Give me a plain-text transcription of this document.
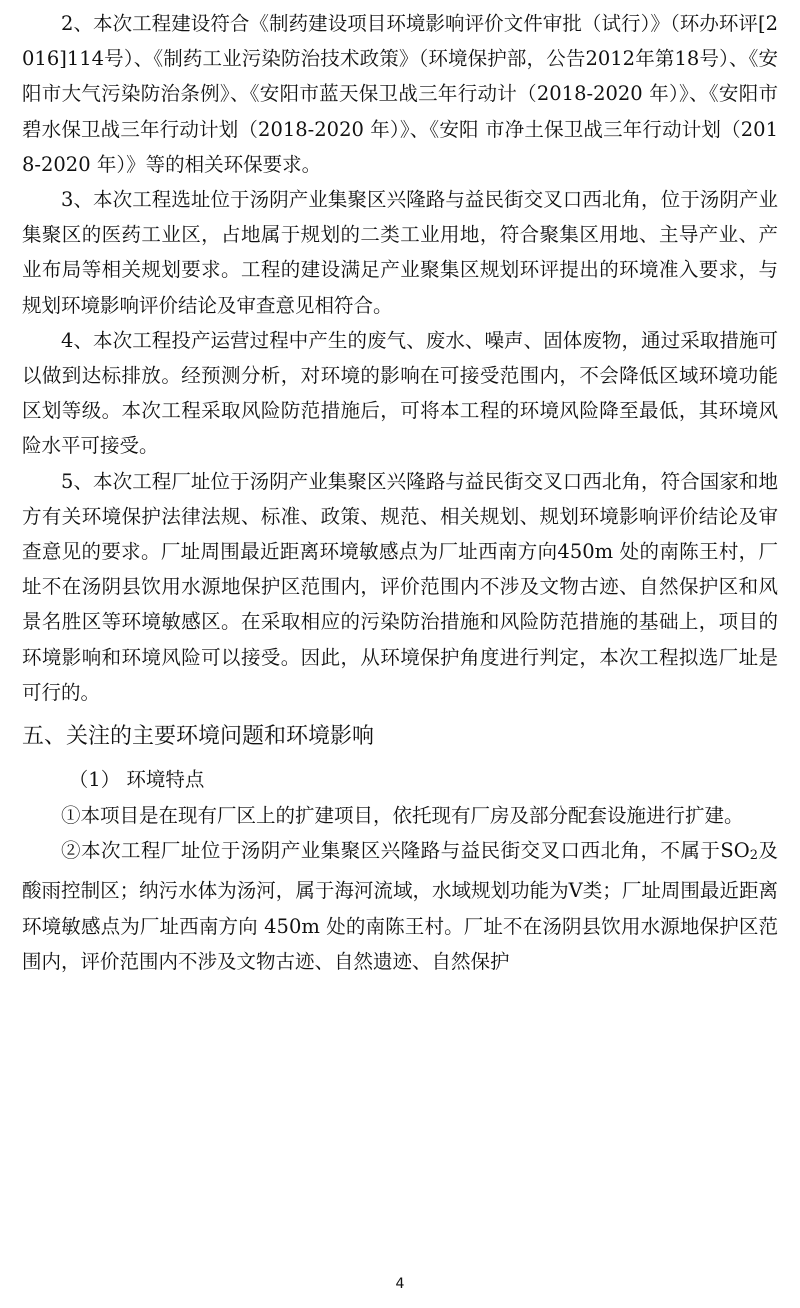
2、本次工程建设符合《制药建设项目环境影响评价文件审批（试行）》（环办环评[2016]114号）、《制药工业污染防治技术政策》（环境保护部，公告2012年第18号）、《安阳市大气污染防治条例》、《安阳市蓝天保卫战三年行动计（2018-2020 年）》、《安阳市碧水保卫战三年行动计划（2018-2020 年）》、《安阳 市净土保卫战三年行动计划（2018-2020 年）》等的相关环保要求。

3、本次工程选址位于汤阴产业集聚区兴隆路与益民街交叉口西北角，位于汤阴产业集聚区的医药工业区，占地属于规划的二类工业用地，符合聚集区用地、主导产业、产业布局等相关规划要求。工程的建设满足产业聚集区规划环评提出的环境准入要求，与规划环境影响评价结论及审查意见相符合。

4、本次工程投产运营过程中产生的废气、废水、噪声、固体废物，通过采取措施可以做到达标排放。经预测分析，对环境的影响在可接受范围内，不会降低区域环境功能区划等级。本次工程采取风险防范措施后，可将本工程的环境风险降至最低，其环境风险水平可接受。

5、本次工程厂址位于汤阴产业集聚区兴隆路与益民街交叉口西北角，符合国家和地方有关环境保护法律法规、标准、政策、规范、相关规划、规划环境影响评价结论及审查意见的要求。厂址周围最近距离环境敏感点为厂址西南方向450m 处的南陈王村，厂址不在汤阴县饮用水源地保护区范围内，评价范围内不涉及文物古迹、自然保护区和风景名胜区等环境敏感区。在采取相应的污染防治措施和风险防范措施的基础上，项目的环境影响和环境风险可以接受。因此，从环境保护角度进行判定，本次工程拟选厂址是可行的。

五、关注的主要环境问题和环境影响

（1） 环境特点

①本项目是在现有厂区上的扩建项目，依托现有厂房及部分配套设施进行扩建。

②本次工程厂址位于汤阴产业集聚区兴隆路与益民街交叉口西北角，不属于$SO_2$及酸雨控制区；纳污水体为汤河，属于海河流域，水域规划功能为Ⅴ类；厂址周围最近距离环境敏感点为厂址西南方向 450m 处的南陈王村。厂址不在汤阴县饮用水源地保护区范围内，评价范围内不涉及文物古迹、自然遗迹、自然保护

4
